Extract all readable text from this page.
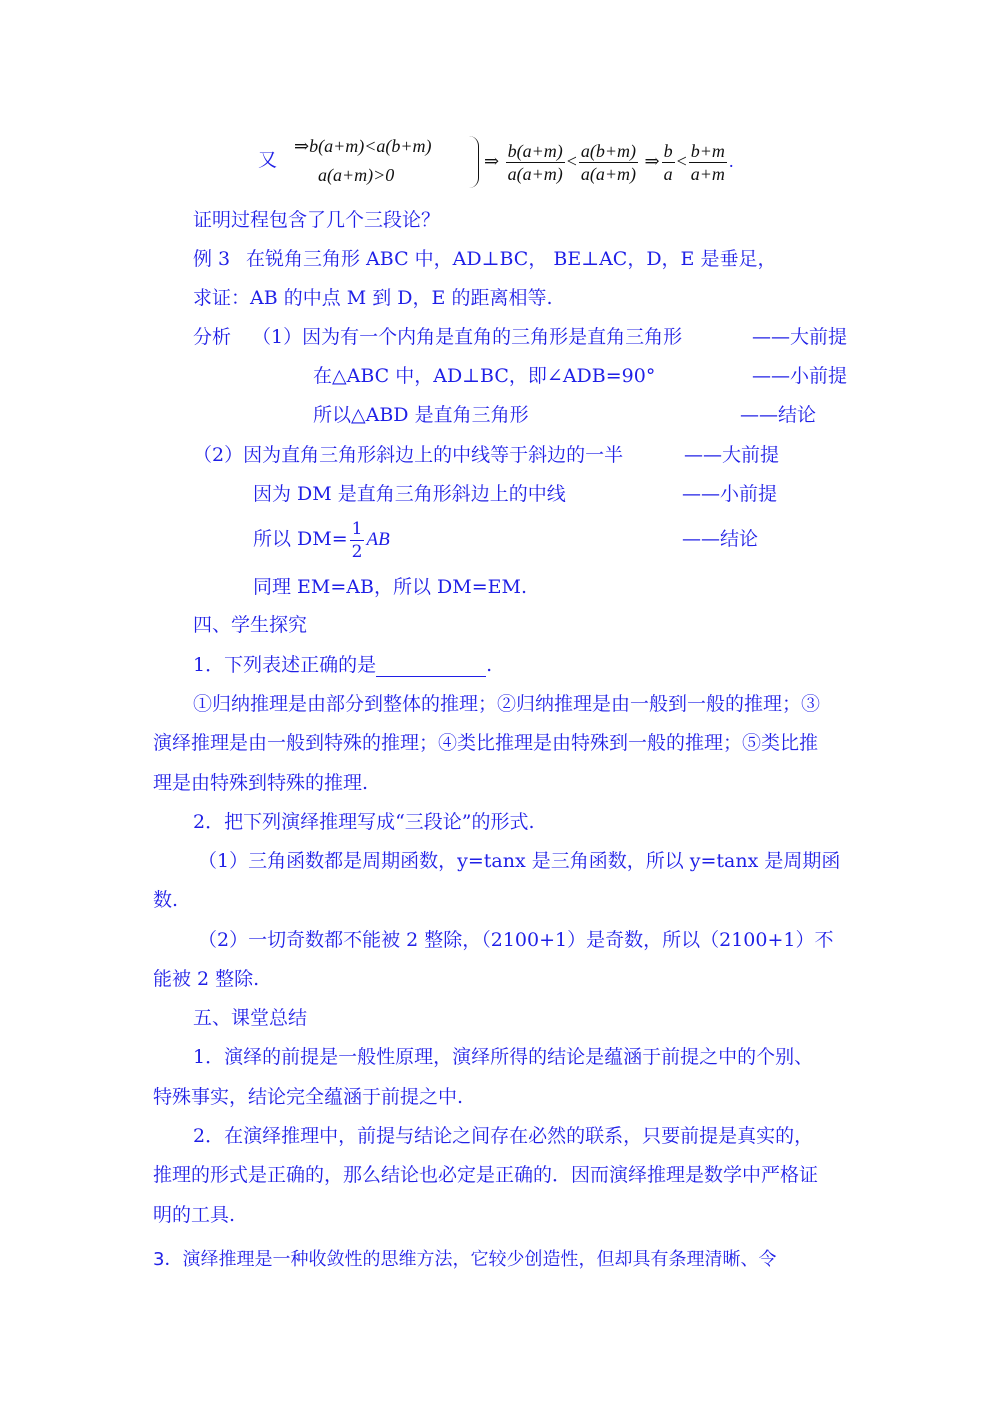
又
⇒b(a+m)<a(b+m)
a(a+m)>0
⇒ $\frac{b(a+m)}{a(a+m)} < \frac{a(b+m)}{a(a+m)}$ ⇒ $\frac{b}{a} < \frac{b+m}{a+m}$ .
证明过程包含了几个三段论？
例 3 在锐角三角形 ABC 中，AD⊥BC， BE⊥AC，D，E 是垂足，
求证：AB 的中点 M 到 D，E 的距离相等.
分析 （1）因为有一个内角是直角的三角形是直角三角形	——大前提
在△ABC 中，AD⊥BC，即∠ADB=90°	——小前提
所以△ABD 是直角三角形	——结论
（2）因为直角三角形斜边上的中线等于斜边的一半	——大前提
因为 DM 是直角三角形斜边上的中线	——小前提
所以 $DM= \frac{1}{2}$ AB	——结论
同理 EM=AB，所以 DM=EM.
四、学生探究
1．下列表述正确的是	.
①归纳推理是由部分到整体的推理；②归纳推理是由一般到一般的推理；③
演绎推理是由一般到特殊的推理；④类比推理是由特殊到一般的推理；⑤类比推
理是由特殊到特殊的推理.
2．把下列演绎推理写成“三段论”的形式.
（1）三角函数都是周期函数，y=tanx 是三角函数，所以 y=tanx 是周期函
数.
（2）一切奇数都不能被 2 整除，（2100+1）是奇数，所以（2100+1）不
能被 2 整除.
五、课堂总结
1．演绎的前提是一般性原理，演绎所得的结论是蕴涵于前提之中的个别、
特殊事实，结论完全蕴涵于前提之中.
2．在演绎推理中，前提与结论之间存在必然的联系，只要前提是真实的，
推理的形式是正确的，那么结论也必定是正确的．因而演绎推理是数学中严格证
明的工具.
3．演绎推理是一种收敛性的思维方法，它较少创造性，但却具有条理清晰、令
